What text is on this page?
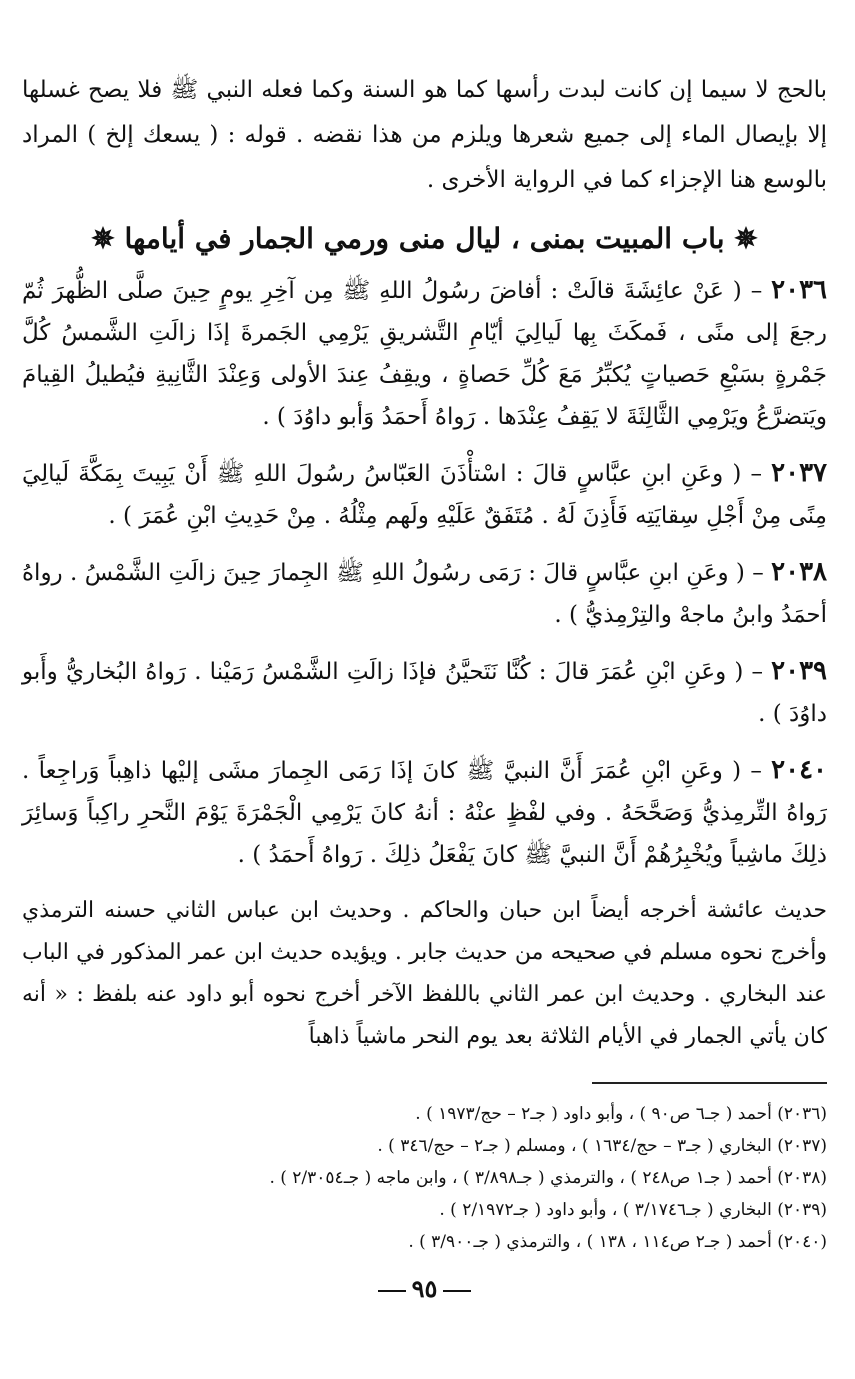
بالحج لا سيما إن كانت لبدت رأسها كما هو السنة وكما فعله النبي ﷺ فلا يصح غسلها إلا بإيصال الماء إلى جميع شعرها ويلزم من هذا نقضه . قوله : ( يسعك إلخ ) المراد بالوسع هنا الإجزاء كما في الرواية الأخرى .

✵ باب المبيت بمنى ، ليال منى ورمي الجمار في أيامها ✵

٢٠٣٦ – ( عَنْ عائِشَةَ قالَتْ : أفاضَ رسُولُ اللهِ ﷺ مِن آخِرِ يومٍ حِينَ صلَّى الظُّهرَ ثُمّ رجعَ إلى منًى ، فَمكَثَ بِها لَيالِيَ أيّامِ التَّشريقِ يَرْمِي الجَمرةَ إذَا زالَتِ الشَّمسُ كُلَّ جَمْرةٍ بسَبْعِ حَصياتٍ يُكبِّرُ مَعَ كُلِّ حَصاةٍ ، ويقِفُ عِندَ الأولى وَعِنْدَ الثَّانِيةِ فيُطيلُ القِيامَ ويَتضرَّعُ ويَرْمِي الثَّالِثَةَ لا يَقِفُ عِنْدَها . رَواهُ أَحمَدُ وَأبو داوُدَ ) .

٢٠٣٧ – ( وعَنِ ابنِ عبَّاسٍ قالَ : اسْتأْذَنَ العَبّاسُ رسُولَ اللهِ ﷺ أَنْ يَبِيتَ بِمَكَّةَ لَيالِيَ مِنًى مِنْ أَجْلِ سِقايَتِه فَأَذِنَ لَهُ . مُتَفَقٌ عَلَيْهِ ولَهم مِثْلُهُ . مِنْ حَدِيثِ ابْنِ عُمَرَ ) .

٢٠٣٨ – ( وعَنِ ابنِ عبَّاسٍ قالَ : رَمَى رسُولُ اللهِ ﷺ الجِمارَ حِينَ زالَتِ الشَّمْسُ . رواهُ أحمَدُ وابنُ ماجهْ والتِرْمِذيُّ ) .

٢٠٣٩ – ( وعَنِ ابْنِ عُمَرَ قالَ : كُنَّا نَتَحيَّنُ فإذَا زالَتِ الشَّمْسُ رَمَيْنا . رَواهُ البُخاريُّ وأَبو داوُدَ ) .

٢٠٤٠ – ( وعَنِ ابْنِ عُمَرَ أَنَّ النبيَّ ﷺ كانَ إذَا رَمَى الجِمارَ مشَى إليْها ذاهِباً وَراجِعاً . رَواهُ التِّرمِذيُّ وَصَحَّحَهُ . وفي لفْظٍ عنْهُ : أنهُ كانَ يَرْمِي الْجَمْرَةَ يَوْمَ النَّحرِ راكِباً وَسائِرَ ذلِكَ ماشِياً ويُخْبِرُهُمْ أَنَّ النبيَّ ﷺ كانَ يَفْعَلُ ذلِكَ . رَواهُ أَحمَدُ ) .

حديث عائشة أخرجه أيضاً ابن حبان والحاكم . وحديث ابن عباس الثاني حسنه الترمذي وأخرج نحوه مسلم في صحيحه من حديث جابر . ويؤيده حديث ابن عمر المذكور في الباب عند البخاري . وحديث ابن عمر الثاني باللفظ الآخر أخرج نحوه أبو داود عنه بلفظ : « أنه كان يأتي الجمار في الأيام الثلاثة بعد يوم النحر ماشياً ذاهباً

(٢٠٣٦) أحمد ( جـ٦ ص٩٠ ) ، وأبو داود ( جـ٢ – حج/١٩٧٣ ) .
(٢٠٣٧) البخاري ( جـ٣ – حج/١٦٣٤ ) ، ومسلم ( جـ٢ – حج/٣٤٦ ) .
(٢٠٣٨) أحمد ( جـ١ ص٢٤٨ ) ، والترمذي ( جـ٣/٨٩٨ ) ، وابن ماجه ( جـ٢/٣٠٥٤ ) .
(٢٠٣٩) البخاري ( جـ٣/١٧٤٦ ) ، وأبو داود ( جـ٢/١٩٧٢ ) .
(٢٠٤٠) أحمد ( جـ٢ ص١١٤ ، ١٣٨ ) ، والترمذي ( جـ٣/٩٠٠ ) .
٩٥
